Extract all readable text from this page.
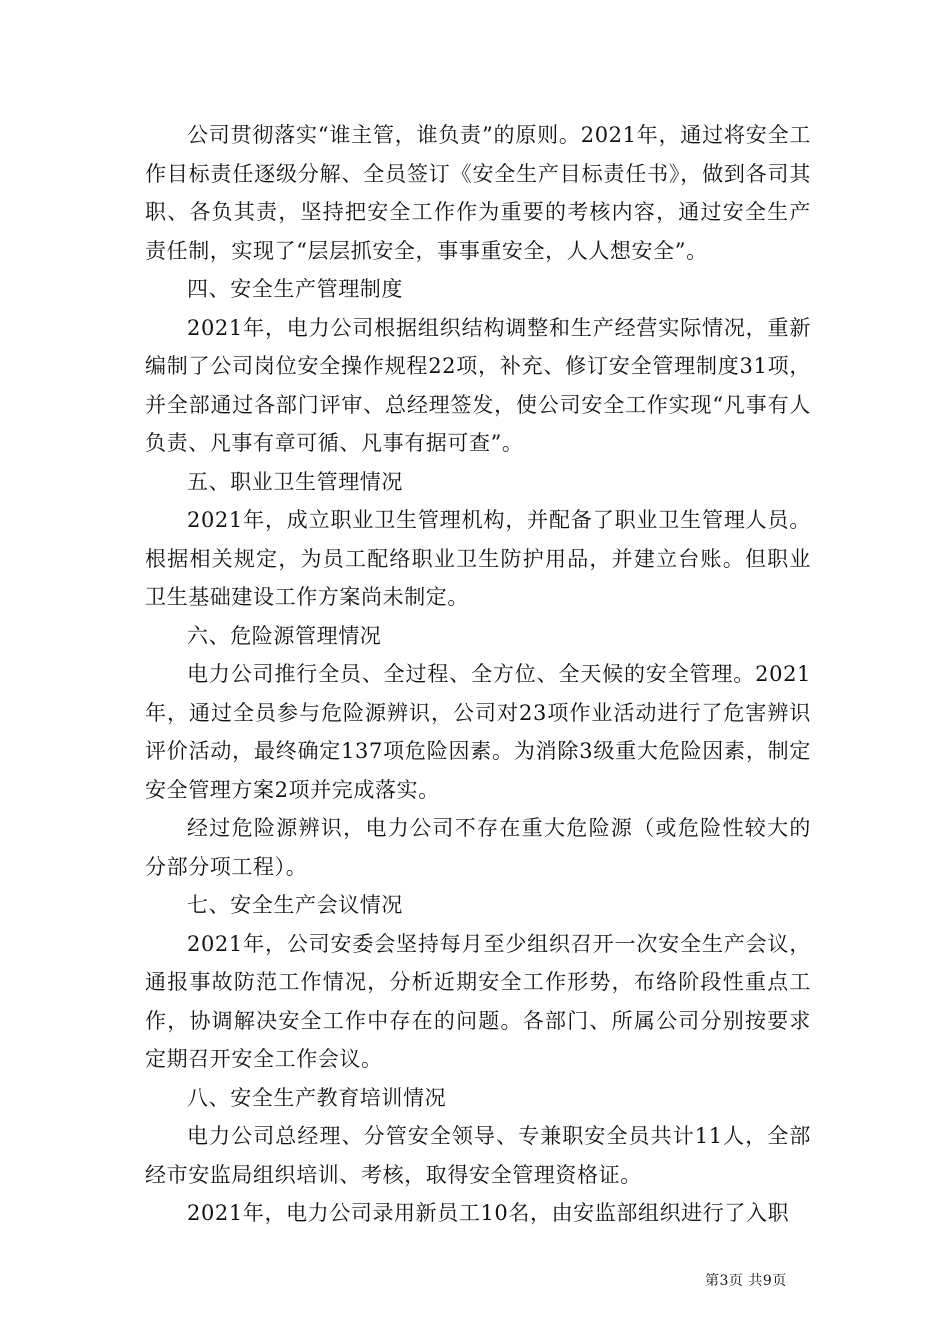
公司贯彻落实“谁主管，谁负责”的原则。2021年，通过将安全工作目标责任逐级分解、全员签订《安全生产目标责任书》，做到各司其职、各负其责，坚持把安全工作作为重要的考核内容，通过安全生产责任制，实现了“层层抓安全，事事重安全，人人想安全”。

四、安全生产管理制度

2021年，电力公司根据组织结构调整和生产经营实际情况，重新编制了公司岗位安全操作规程22项，补充、修订安全管理制度31项，并全部通过各部门评审、总经理签发，使公司安全工作实现“凡事有人负责、凡事有章可循、凡事有据可查”。

五、职业卫生管理情况

2021年，成立职业卫生管理机构，并配备了职业卫生管理人员。根据相关规定，为员工配络职业卫生防护用品，并建立台账。但职业卫生基础建设工作方案尚未制定。

六、危险源管理情况

电力公司推行全员、全过程、全方位、全天候的安全管理。2021年，通过全员参与危险源辨识，公司对23项作业活动进行了危害辨识评价活动，最终确定137项危险因素。为消除3级重大危险因素，制定安全管理方案2项并完成落实。

经过危险源辨识，电力公司不存在重大危险源（或危险性较大的分部分项工程）。

七、安全生产会议情况

2021年，公司安委会坚持每月至少组织召开一次安全生产会议，通报事故防范工作情况，分析近期安全工作形势，布络阶段性重点工作，协调解决安全工作中存在的问题。各部门、所属公司分别按要求定期召开安全工作会议。

八、安全生产教育培训情况

电力公司总经理、分管安全领导、专兼职安全员共计11人，全部经市安监局组织培训、考核，取得安全管理资格证。

2021年，电力公司录用新员工10名，由安监部组织进行了入职

第3页 共9页
